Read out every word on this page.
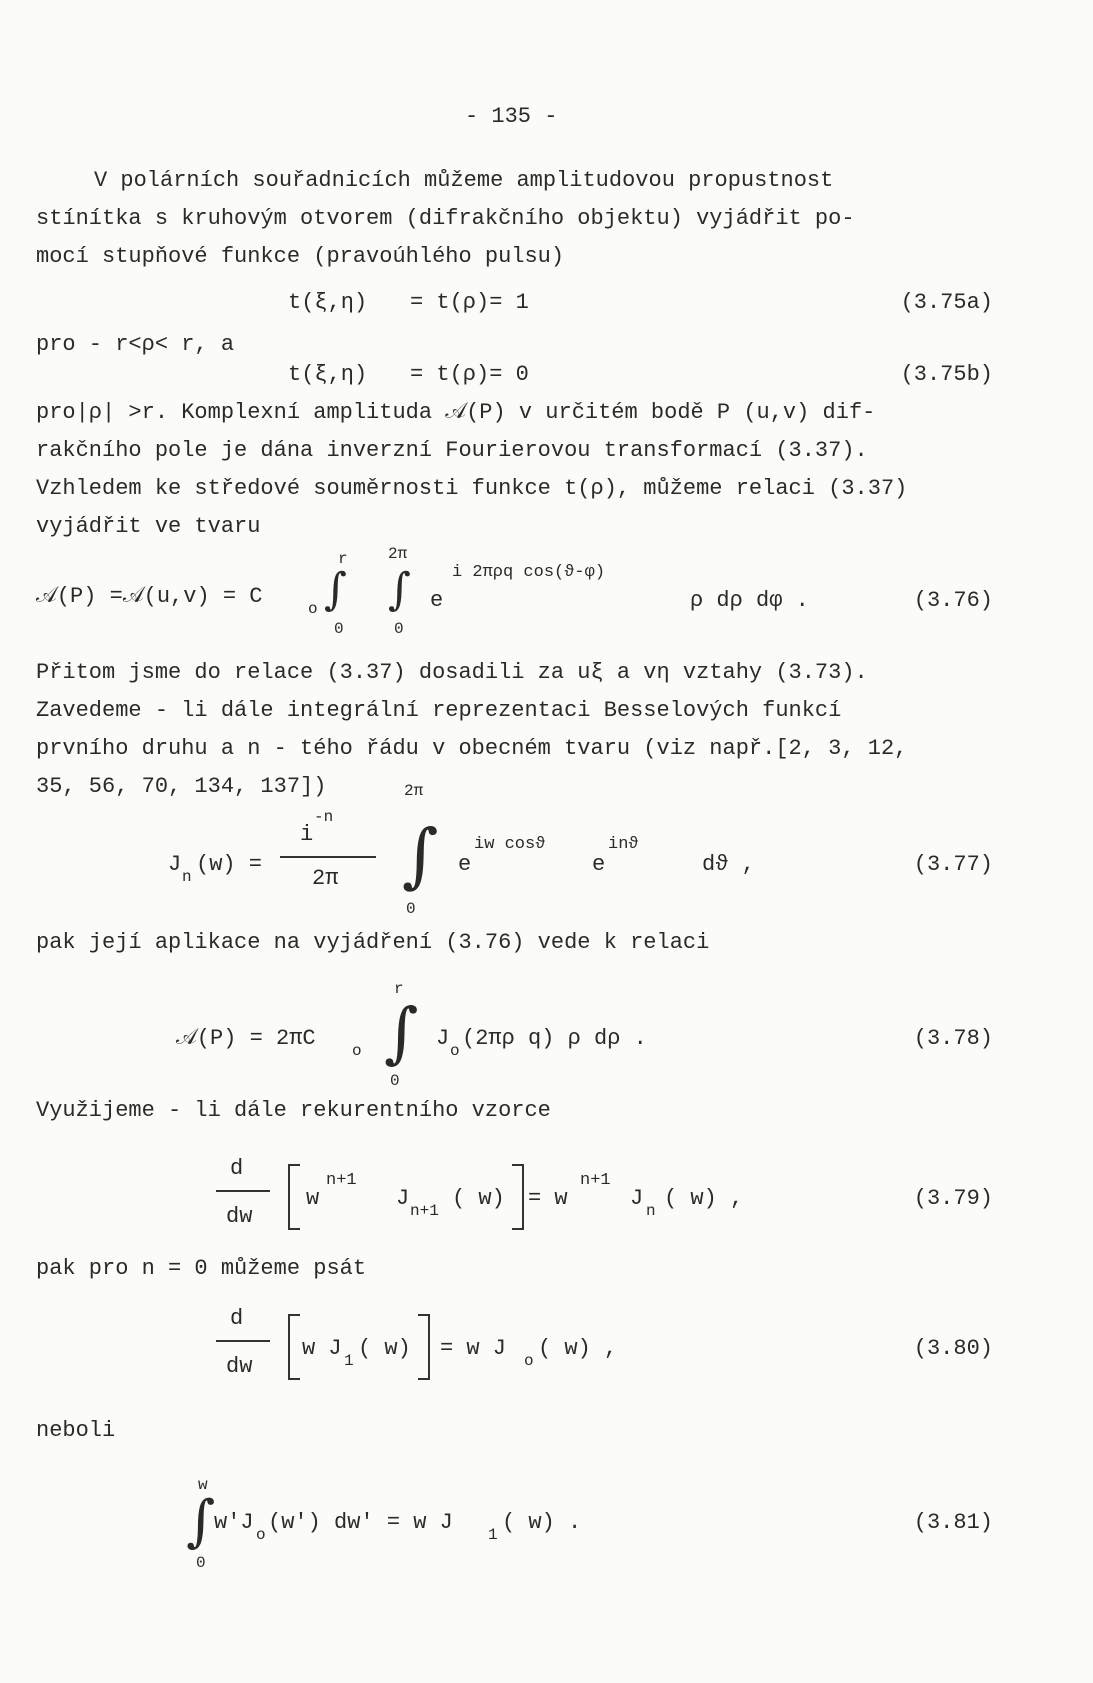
- 135 -
V polárních souřadnicích můžeme amplitudovou propustnost
stínítka s kruhovým otvorem (difrakčního objektu) vyjádřit po-
mocí stupňové funkce (pravoúhlého pulsu)
t(ξ,η) = t(ρ)= 1	(3.75a)
pro - r<ρ< r, a
t(ξ,η) = t(ρ)= 0	(3.75b)
pro|ρ| >r. Komplexní amplituda 𝒜(P) v určitém bodě P (u,v) dif-
rakčního pole je dána inverzní Fourierovou transformací (3.37).
Vzhledem ke středové souměrnosti funkce t(ρ), můžeme relaci (3.37)
vyjádřit ve tvaru
𝒜(P) =𝒜(u,v) = C	o
r
∫
0
2π
∫
0
e
i 2πρq cos(ϑ-φ)
ρ dρ dφ .	(3.76)
Přitom jsme do relace (3.37) dosadili za uξ a vη vztahy (3.73).
Zavedeme - li dále integrální reprezentaci Besselových funkcí
prvního druhu a n - tého řádu v obecném tvaru (viz např.[2, 3, 12,
35, 56, 70, 134, 137])
J n (w) =
i
-n
2π
2π
∫
0
e
iw cosϑ
e
inϑ
dϑ ,	(3.77)
pak její aplikace na vyjádření (3.76) vede k relaci
𝒜(P) = 2πC o
r
∫
0
J o (2πρ q) ρ dρ .	(3.78)
Využijeme - li dále rekurentního vzorce
d
dw
w
n+1
J n+1 ( w) = w
n+1
J n ( w) ,	(3.79)
pak pro n = 0 můžeme psát
d
dw
w J 1 ( w) = w J o ( w) ,	(3.80)
neboli
w
∫
0
w'J o (w') dw' = w J 1 ( w) .	(3.81)
